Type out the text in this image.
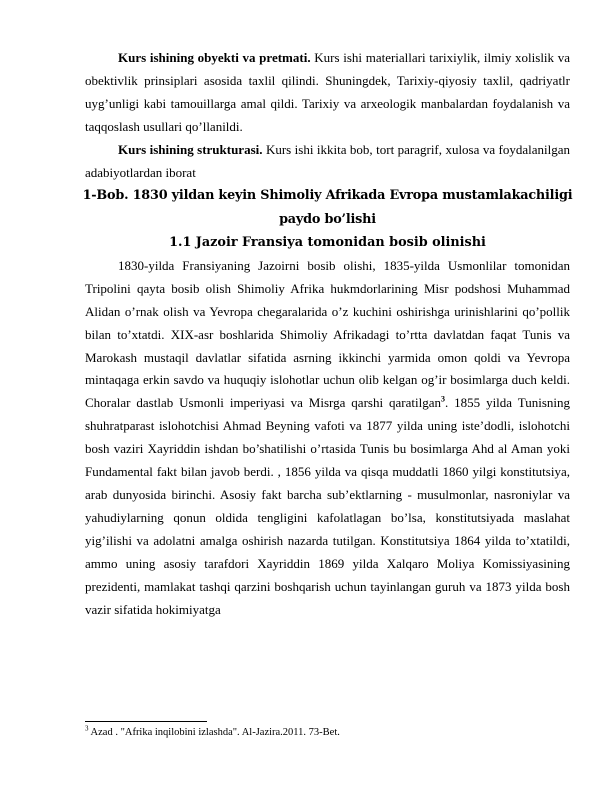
Kurs ishining obyekti va pretmati. Kurs ishi materiallari tarixiylik, ilmiy xolislik va obektivlik prinsiplari asosida taxlil qilindi. Shuningdek, Tarixiy-qiyosiy taxlil, qadriyatlr uyg’unligi kabi tamouillarga amal qildi. Tarixiy va arxeologik manbalardan foydalanish va taqqoslash usullari qo’llanildi.

Kurs ishining strukturasi. Kurs ishi ikkita bob, tort paragrif, xulosa va foydalanilgan adabiyotlardan iborat

1-Bob. 1830 yildan keyin Shimoliy Afrikada Evropa mustamlakachiligi paydo bo’lishi

1.1 Jazoir Fransiya tomonidan bosib olinishi

1830-yilda Fransiyaning Jazoirni bosib olishi, 1835-yilda Usmonlilar tomonidan Tripolini qayta bosib olish Shimoliy Afrika hukmdorlarining Misr podshosi Muhammad Alidan o’rnak olish va Yevropa chegaralarida o’z kuchini oshirishga urinishlarini qo’pollik bilan to’xtatdi. XIX-asr boshlarida Shimoliy Afrikadagi to’rtta davlatdan faqat Tunis va Marokash mustaqil davlatlar sifatida asrning ikkinchi yarmida omon qoldi va Yevropa mintaqaga erkin savdo va huquqiy islohotlar uchun olib kelgan og’ir bosimlarga duch keldi. Choralar dastlab Usmonli imperiyasi va Misrga qarshi qaratilgan$^3$. 1855 yilda Tunisning shuhratparast islohotchisi Ahmad Beyning vafoti va 1877 yilda uning iste’dodli, islohotchi bosh vaziri Xayriddin ishdan bo’shatilishi o’rtasida Tunis bu bosimlarga Ahd al Aman yoki Fundamental fakt bilan javob berdi. , 1856 yilda va qisqa muddatli 1860 yilgi konstitutsiya, arab dunyosida birinchi. Asosiy fakt barcha sub’ektlarning - musulmonlar, nasroniylar va yahudiylarning qonun oldida tengligini kafolatlagan bo’lsa, konstitutsiyada maslahat yig’ilishi va adolatni amalga oshirish nazarda tutilgan. Konstitutsiya 1864 yilda to’xtatildi, ammo uning asosiy tarafdori Xayriddin 1869 yilda Xalqaro Moliya Komissiyasining prezidenti, mamlakat tashqi qarzini boshqarish uchun tayinlangan guruh va 1873 yilda bosh vazir sifatida hokimiyatga

$^3$ Azad . "Afrika inqilobini izlashda". Al-Jazira.2011. 73-Bet.
